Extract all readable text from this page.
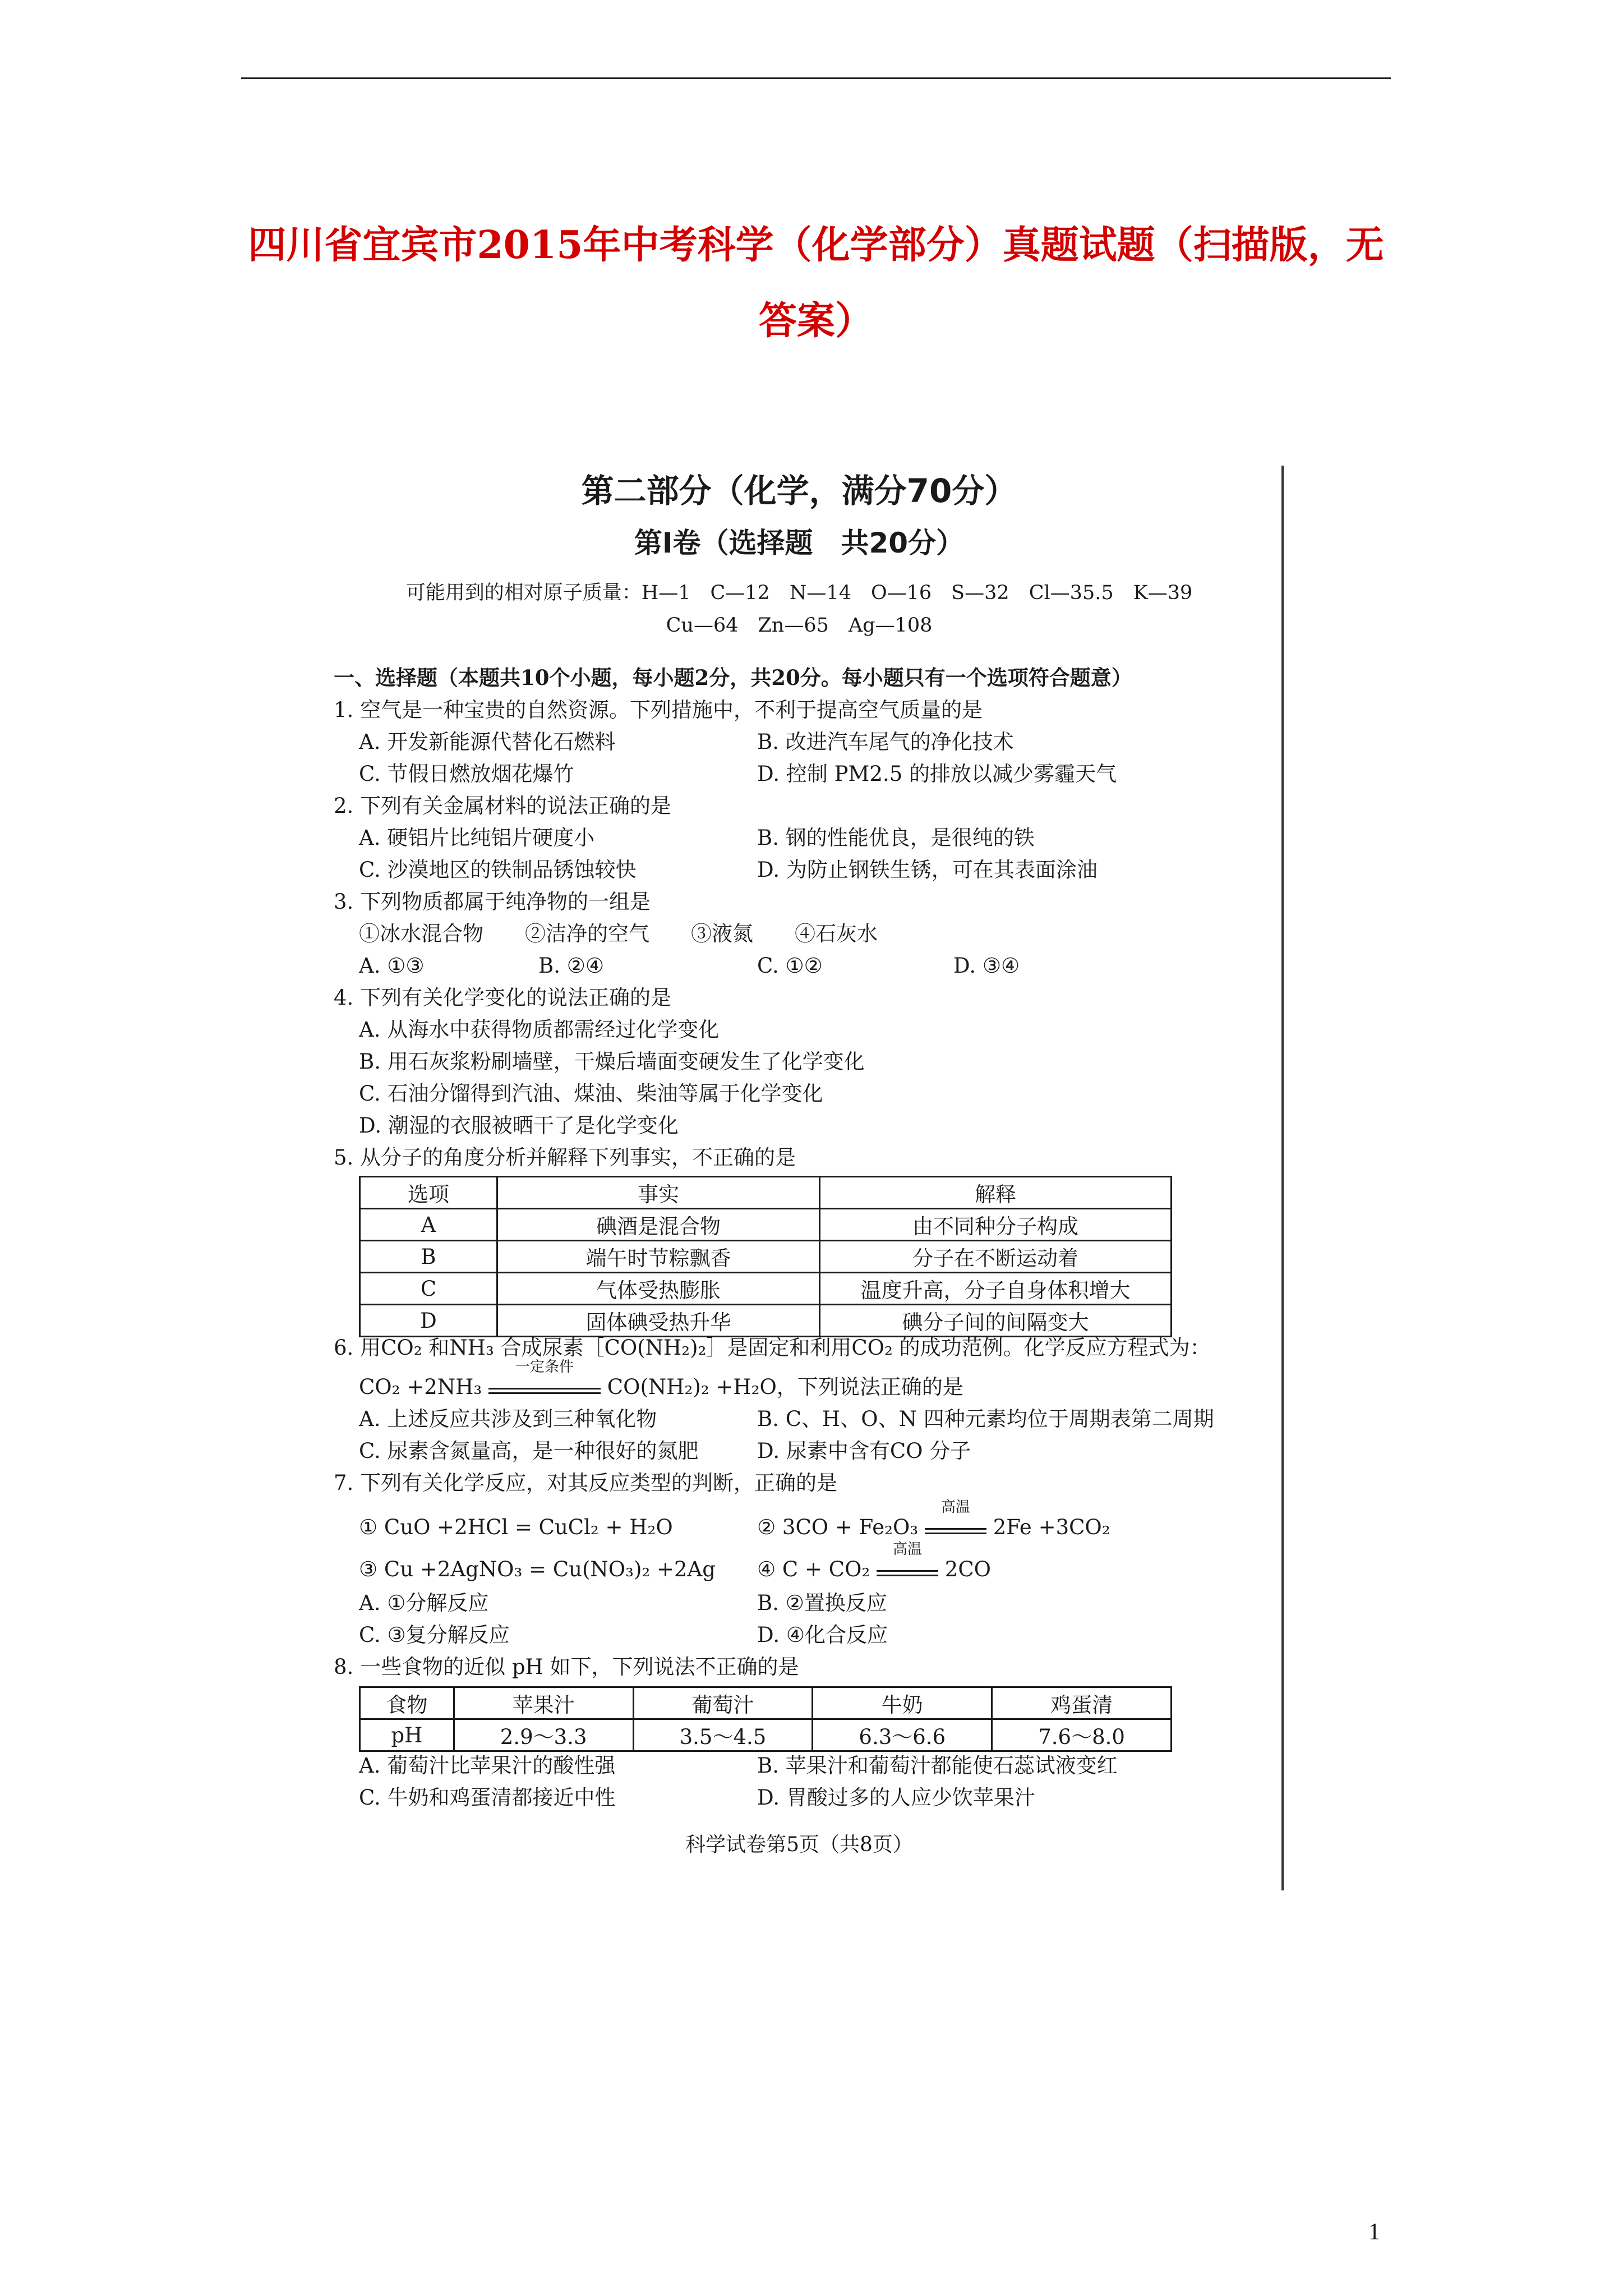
四川省宜宾市2015年中考科学（化学部分）真题试题（扫描版，无
答案）
第二部分（化学，满分70分）
第Ⅰ卷（选择题　共20分）
可能用到的相对原子质量：H—1　C—12　N—14　O—16　S—32　Cl—35.5　K—39
Cu—64　Zn—65　Ag—108
一、选择题（本题共10个小题，每小题2分，共20分。每小题只有一个选项符合题意）
1. 空气是一种宝贵的自然资源。下列措施中，不利于提高空气质量的是
A. 开发新能源代替化石燃料	B. 改进汽车尾气的净化技术
C. 节假日燃放烟花爆竹	D. 控制 PM2.5 的排放以减少雾霾天气
2. 下列有关金属材料的说法正确的是
A. 硬铝片比纯铝片硬度小	B. 钢的性能优良，是很纯的铁
C. 沙漠地区的铁制品锈蚀较快	D. 为防止钢铁生锈，可在其表面涂油
3. 下列物质都属于纯净物的一组是
①冰水混合物　　②洁净的空气　　③液氮　　④石灰水
A. ①③	B. ②④	C. ①②	D. ③④
4. 下列有关化学变化的说法正确的是
A. 从海水中获得物质都需经过化学变化
B. 用石灰浆粉刷墙壁，干燥后墙面变硬发生了化学变化
C. 石油分馏得到汽油、煤油、柴油等属于化学变化
D. 潮湿的衣服被晒干了是化学变化
5. 从分子的角度分析并解释下列事实，不正确的是
选项	事实	解释
A	碘酒是混合物	由不同种分子构成
B	端午时节粽飘香	分子在不断运动着
C	气体受热膨胀	温度升高，分子自身体积增大
D	固体碘受热升华	碘分子间的间隔变大
6. 用CO₂ 和NH₃ 合成尿素［CO(NH₂)₂］是固定和利用CO₂ 的成功范例。化学反应方程式为：
CO₂ +2NH₃
一定条件
CO(NH₂)₂ +H₂O，下列说法正确的是
A. 上述反应共涉及到三种氧化物	B. C、H、O、N 四种元素均位于周期表第二周期
C. 尿素含氮量高，是一种很好的氮肥	D. 尿素中含有CO 分子
7. 下列有关化学反应，对其反应类型的判断，正确的是
① CuO +2HCl = CuCl₂ + H₂O	② 3CO + Fe₂O₃
高温
2Fe +3CO₂
③ Cu +2AgNO₃ = Cu(NO₃)₂ +2Ag ④ C + CO₂
高温
2CO
A. ①分解反应	B. ②置换反应
C. ③复分解反应	D. ④化合反应
8. 一些食物的近似 pH 如下，下列说法不正确的是
食物	苹果汁	葡萄汁	牛奶	鸡蛋清
pH	2.9～3.3	3.5～4.5	6.3～6.6	7.6～8.0
A. 葡萄汁比苹果汁的酸性强	B. 苹果汁和葡萄汁都能使石蕊试液变红
C. 牛奶和鸡蛋清都接近中性	D. 胃酸过多的人应少饮苹果汁
科学试卷第5页（共8页）
1
